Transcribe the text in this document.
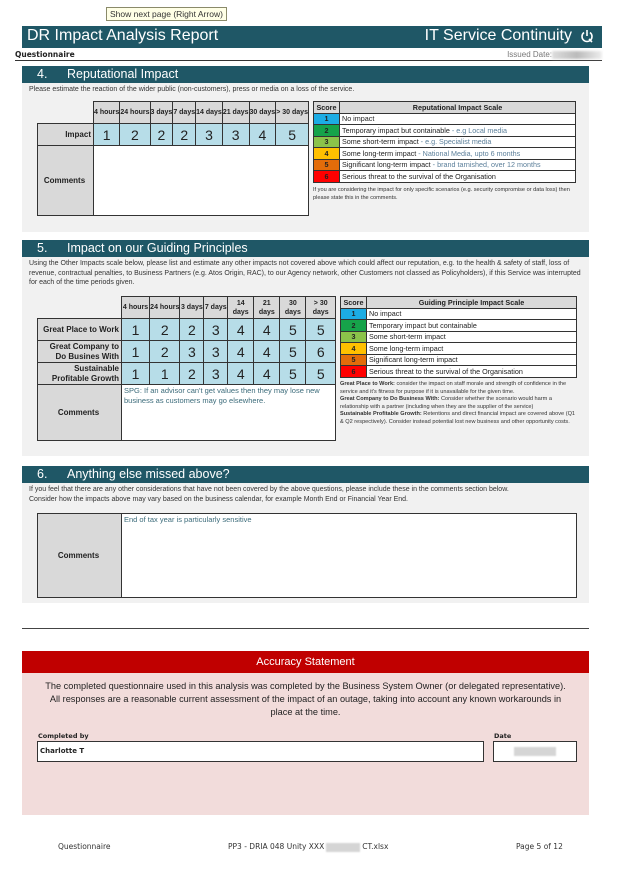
Show next page (Right Arrow)
DR Impact Analysis Report	IT Service Continuity
Questionnaire	Issued Date:
4. Reputational Impact
Please estimate the reaction of the wider public (non-customers), press or media on a loss of the service.
	4 hours	24 hours	3 days	7 days	14 days	21 days	30 days	> 30 days
Impact	1	2	2	2	3	3	4	5
Comments								
Score	Reputational Impact Scale
1	No impact
2	Temporary impact but containable - e.g Local media
3	Some short-term impact - e.g. Specialist media
4	Some long-term impact - National Media, upto 6 months
5	Significant long-term impact - brand tarnished, over 12 months
6	Serious threat to the survival of the Organisation
If you are considering the impact for only specific scenarios (e.g. security compromise or data loss) then please state this in the comments.
5. Impact on our Guiding Principles
Using the Other Impacts scale below, please list and estimate any other impacts not covered above which could affect our reputation, e.g. to the health & safety of staff, loss of revenue, contractual penalties, to Business Partners (e.g. Atos Origin, RAC), to our Agency network, other Customers not classed as Policyholders), if this Service was interrupted for each of the time periods given.
	4 hours	24 hours	3 days	7 days	14 days	21 days	30 days	> 30 days
Great Place to Work	1	2	2	3	4	4	5	5
Great Company to Do Busines With	1	2	3	3	4	4	5	6
Sustainable Profitable Growth	1	1	2	3	4	4	5	5
Comments	SPG: If an advisor can't get values then they may lose new business as customers may go elsewhere.							
Score	Guiding Principle Impact Scale
1	No impact
2	Temporary impact but containable
3	Some short-term impact
4	Some long-term impact
5	Significant long-term impact
6	Serious threat to the survival of the Organisation
Great Place to Work: consider the impact on staff morale and strength of confidence in the service and it's fitness for purpose if it is unavailable for the given time.
Great Company to Do Business With: Consider whether the scenario would harm a relationship with a partner (including when they are the supplier of the service)
Sustainable Profitable Growth: Retentions and direct financial impact are covered above (Q1 & Q2 respectively). Consider instead potential lost new business and other opportunity costs.
6. Anything else missed above?
If you feel that there are any other considerations that have not been covered by the above questions, please include these in the comments section below.
Consider how the impacts above may vary based on the business calendar, for example Month End or Financial Year End.
Comments	End of tax year is particularly sensitive
Accuracy Statement
The completed questionnaire used in this analysis was completed by the Business System Owner (or delegated representative). All responses are a reasonable current assessment of the impact of an outage, taking into account any known workarounds in place at the time.
Completed by
Charlotte T
Date
Questionnaire	PP3 - DRIA 048 Unity XXX	CT.xlsx	Page 5 of 12
